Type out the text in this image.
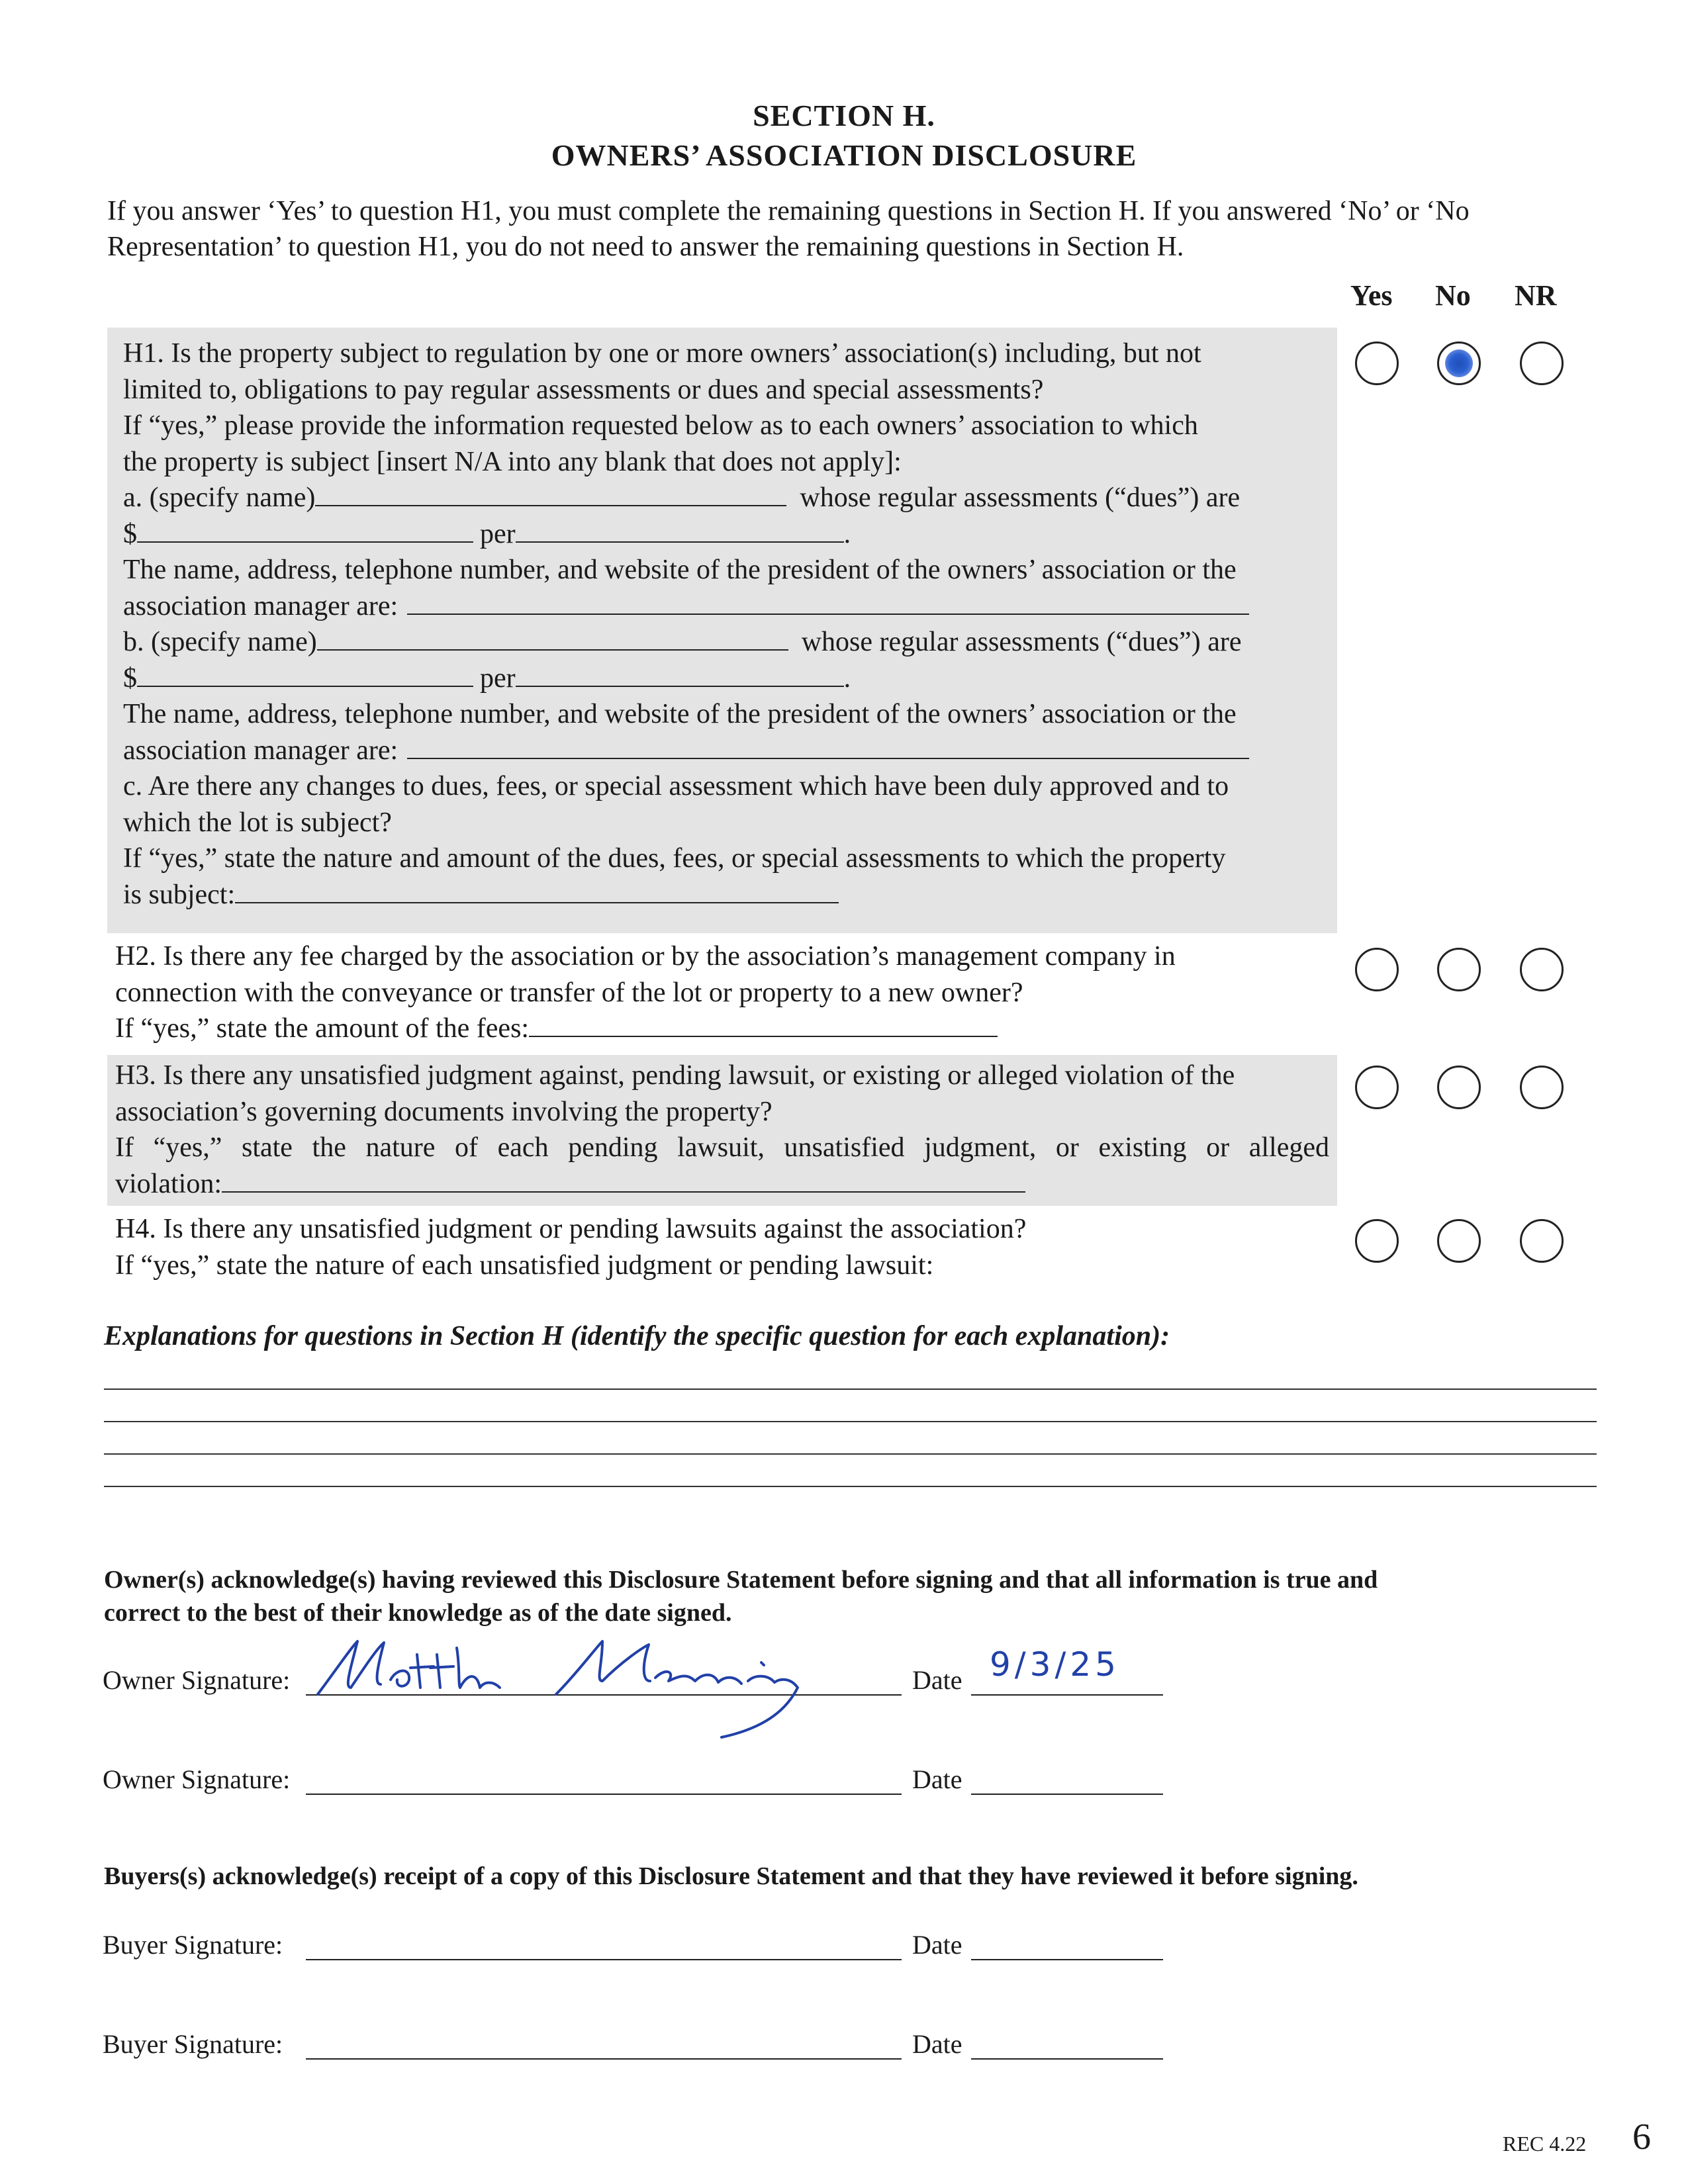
SECTION H.
OWNERS’ ASSOCIATION DISCLOSURE
If you answer ‘Yes’ to question H1, you must complete the remaining questions in Section H. If you answered ‘No’ or ‘No
Representation’ to question H1, you do not need to answer the remaining questions in Section H.
Yes No NR
H1. Is the property subject to regulation by one or more owners’ association(s) including, but not
limited to, obligations to pay regular assessments or dues and special assessments?
If “yes,” please provide the information requested below as to each owners’ association to which
the property is subject [insert N/A into any blank that does not apply]:
a. (specify name)	whose regular assessments (“dues”) are
$	per	.
The name, address, telephone number, and website of the president of the owners’ association or the
association manager are:
b. (specify name)	whose regular assessments (“dues”) are
$	per	.
The name, address, telephone number, and website of the president of the owners’ association or the
association manager are:
c. Are there any changes to dues, fees, or special assessment which have been duly approved and to
which the lot is subject?
If “yes,” state the nature and amount of the dues, fees, or special assessments to which the property
is subject:
H2. Is there any fee charged by the association or by the association’s management company in
connection with the conveyance or transfer of the lot or property to a new owner?
If “yes,” state the amount of the fees:
H3. Is there any unsatisfied judgment against, pending lawsuit, or existing or alleged violation of the
association’s governing documents involving the property?
If “yes,” state the nature of each pending lawsuit, unsatisfied judgment, or existing or alleged
violation:
H4. Is there any unsatisfied judgment or pending lawsuits against the association?
If “yes,” state the nature of each unsatisfied judgment or pending lawsuit:
Explanations for questions in Section H (identify the specific question for each explanation):
Owner(s) acknowledge(s) having reviewed this Disclosure Statement before signing and that all information is true and
correct to the best of their knowledge as of the date signed.
Owner Signature:	Date 9/3/25
Owner Signature:	Date
Buyers(s) acknowledge(s) receipt of a copy of this Disclosure Statement and that they have reviewed it before signing.
Buyer Signature:	Date
Buyer Signature:	Date
REC 4.22 6
